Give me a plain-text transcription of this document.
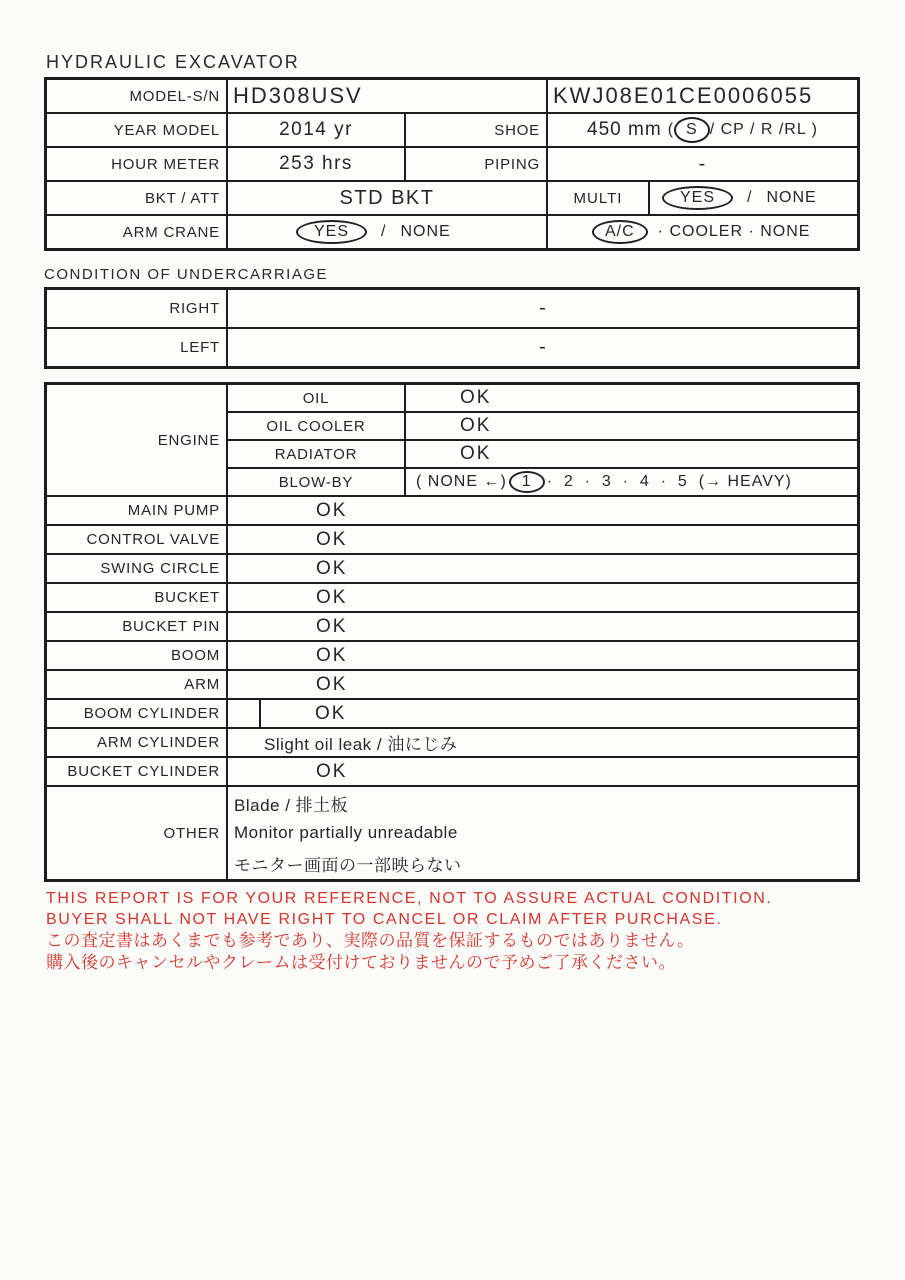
HYDRAULIC EXCAVATOR
MODEL-S/N HD308USV	KWJ08E01CE0006055
YEAR MODEL	2014 yr	SHOE	450 mm ( S / CP / R /RL )
HOUR METER	253 hrs	PIPING	-
BKT / ATT	STD BKT	MULTI	YES / NONE
ARM CRANE	YES / NONE	A/C · COOLER · NONE
CONDITION OF UNDERCARRIAGE
RIGHT	-
LEFT	-
ENGINE
OIL	OK
OIL COOLER	OK
RADIATOR	OK
BLOW-BY	( NONE ←) 1 ·  2  ·  3  ·  4  ·  5  (→ HEAVY)
MAIN PUMP	OK
CONTROL VALVE	OK
SWING CIRCLE	OK
BUCKET	OK
BUCKET PIN	OK
BOOM	OK
ARM	OK
BOOM CYLINDER	OK
ARM CYLINDER	Slight oil leak / 油にじみ
BUCKET CYLINDER	OK
OTHER
Blade / 排土板
Monitor partially unreadable
モニター画面の一部映らない
THIS REPORT IS FOR YOUR REFERENCE, NOT TO ASSURE ACTUAL CONDITION.
BUYER SHALL NOT HAVE RIGHT TO CANCEL OR CLAIM AFTER PURCHASE.
この査定書はあくまでも参考であり、実際の品質を保証するものではありません。
購入後のキャンセルやクレームは受付けておりませんので予めご了承ください。
